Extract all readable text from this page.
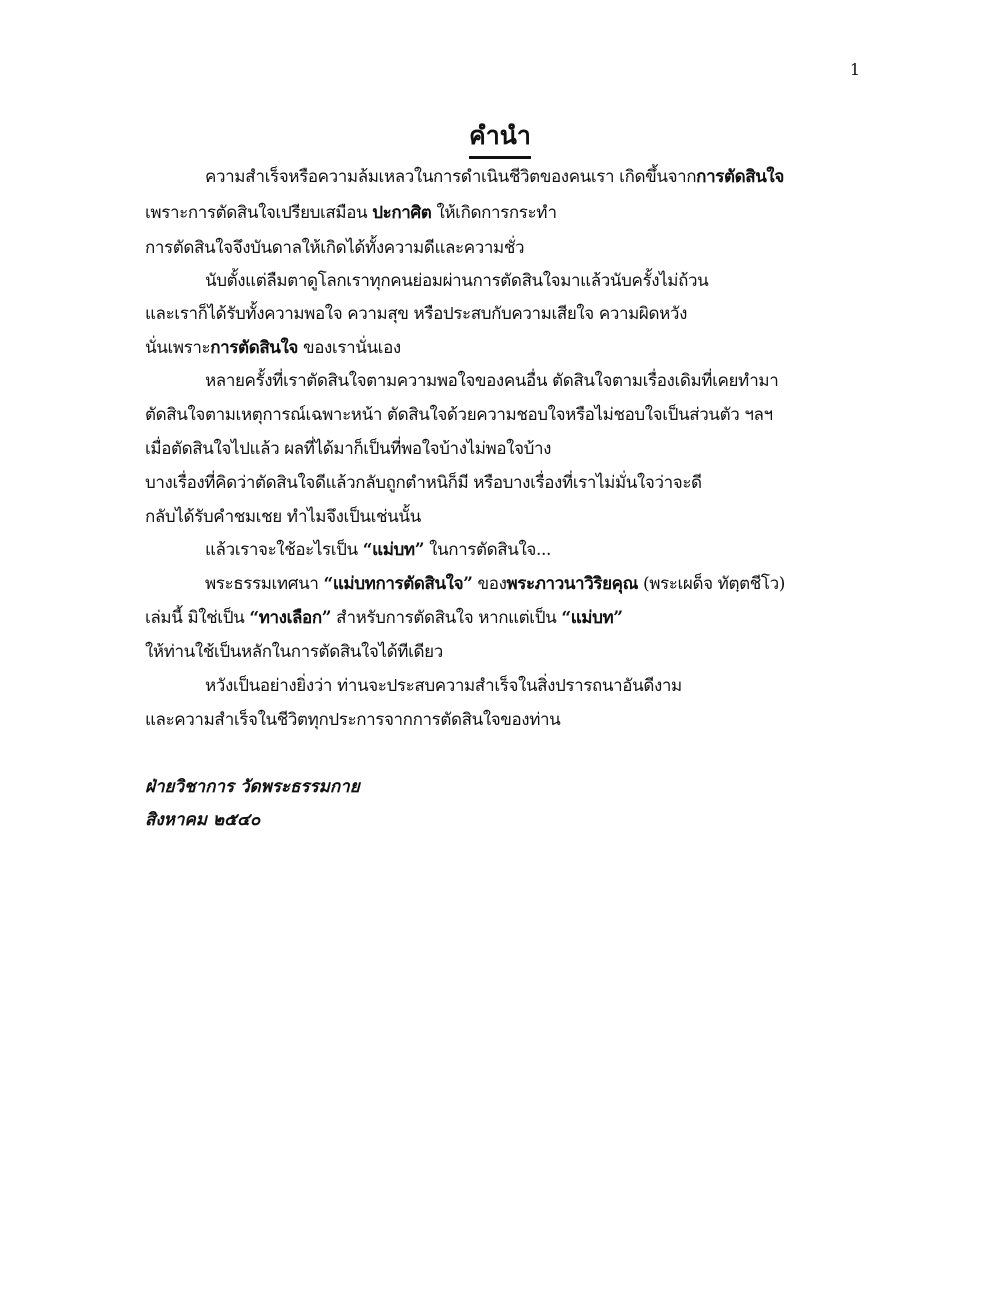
1
คำนำ
ความสำเร็จหรือความล้มเหลวในการดำเนินชีวิตของคนเรา เกิดขึ้นจากการตัดสินใจ
เพราะการตัดสินใจเปรียบเสมือน ปะกาศิต ให้เกิดการกระทำ
การตัดสินใจจึงบันดาลให้เกิดได้ทั้งความดีและความชั่ว
นับตั้งแต่ลืมตาดูโลกเราทุกคนย่อมผ่านการตัดสินใจมาแล้วนับครั้งไม่ถ้วน
และเราก็ได้รับทั้งความพอใจ ความสุข หรือประสบกับความเสียใจ ความผิดหวัง
นั่นเพราะการตัดสินใจ ของเรานั่นเอง
หลายครั้งที่เราตัดสินใจตามความพอใจของคนอื่น ตัดสินใจตามเรื่องเดิมที่เคยทำมา
ตัดสินใจตามเหตุการณ์เฉพาะหน้า ตัดสินใจด้วยความชอบใจหรือไม่ชอบใจเป็นส่วนตัว ฯลฯ
เมื่อตัดสินใจไปแล้ว ผลที่ได้มาก็เป็นที่พอใจบ้างไม่พอใจบ้าง
บางเรื่องที่คิดว่าตัดสินใจดีแล้วกลับถูกตำหนิก็มี หรือบางเรื่องที่เราไม่มั่นใจว่าจะดี
กลับได้รับคำชมเชย ทำไมจึงเป็นเช่นนั้น
แล้วเราจะใช้อะไรเป็น “แม่บท” ในการตัดสินใจ...
พระธรรมเทศนา “แม่บทการตัดสินใจ” ของพระภาวนาวิริยคุณ (พระเผด็จ ทัตฺตชีโว)
เล่มนี้ มิใช่เป็น “ทางเลือก” สำหรับการตัดสินใจ หากแต่เป็น “แม่บท”
ให้ท่านใช้เป็นหลักในการตัดสินใจได้ทีเดียว
หวังเป็นอย่างยิ่งว่า ท่านจะประสบความสำเร็จในสิ่งปรารถนาอันดีงาม
และความสำเร็จในชีวิตทุกประการจากการตัดสินใจของท่าน
ฝ่ายวิชาการ วัดพระธรรมกาย
สิงหาคม ๒๕๔๐
